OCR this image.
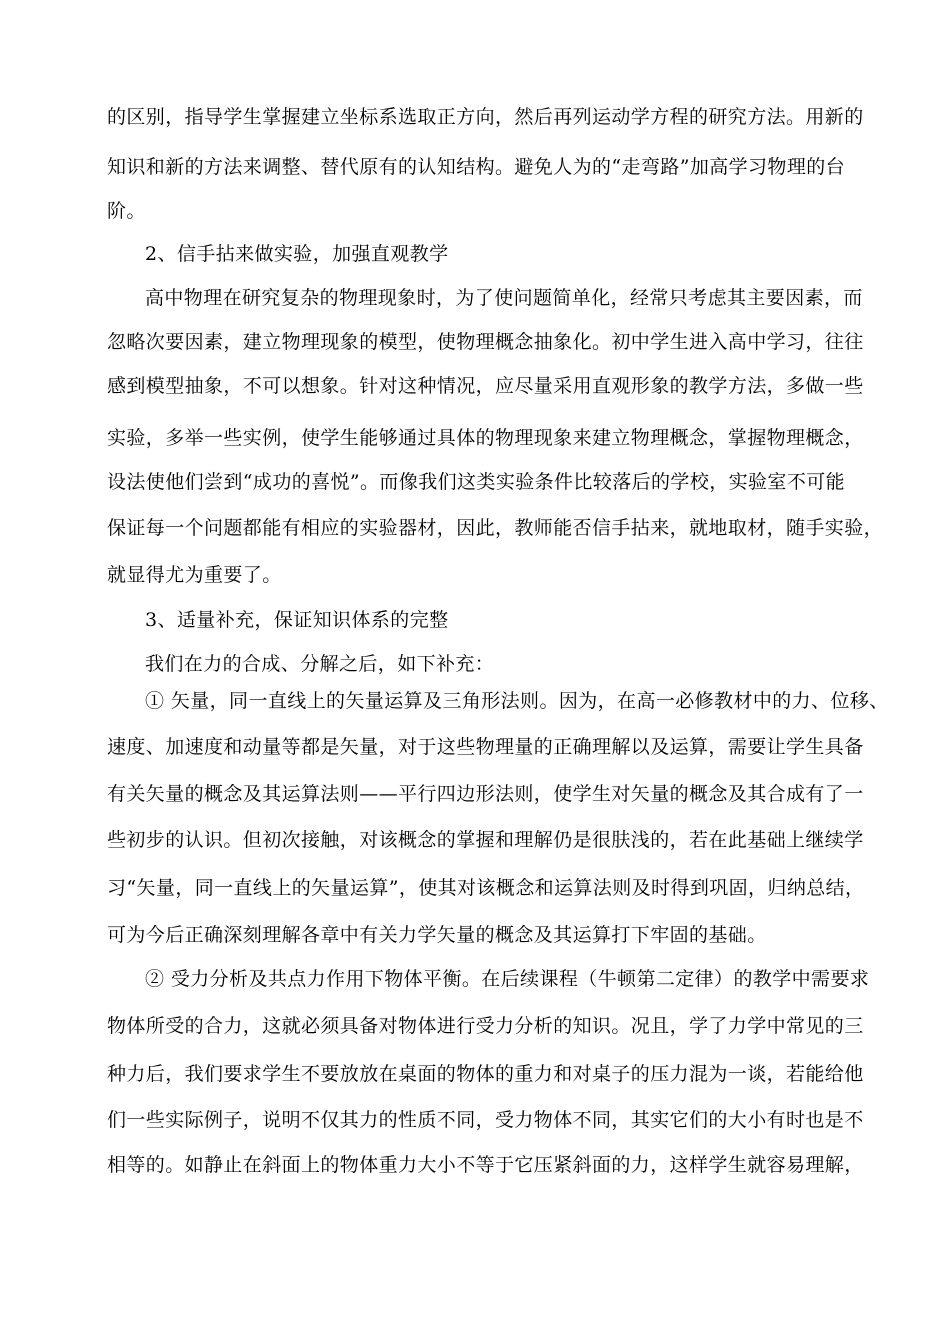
的区别，指导学生掌握建立坐标系选取正方向，然后再列运动学方程的研究方法。用新的
知识和新的方法来调整、替代原有的认知结构。避免人为的“走弯路”加高学习物理的台
阶。
2、信手拈来做实验，加强直观教学
高中物理在研究复杂的物理现象时，为了使问题简单化，经常只考虑其主要因素，而
忽略次要因素，建立物理现象的模型，使物理概念抽象化。初中学生进入高中学习，往往
感到模型抽象，不可以想象。针对这种情况，应尽量采用直观形象的教学方法，多做一些
实验，多举一些实例，使学生能够通过具体的物理现象来建立物理概念，掌握物理概念，
设法使他们尝到“成功的喜悦”。而像我们这类实验条件比较落后的学校，实验室不可能
保证每一个问题都能有相应的实验器材，因此，教师能否信手拈来，就地取材，随手实验，
就显得尤为重要了。
3、适量补充，保证知识体系的完整
我们在力的合成、分解之后，如下补充：
① 矢量，同一直线上的矢量运算及三角形法则。因为，在高一必修教材中的力、位移、
速度、加速度和动量等都是矢量，对于这些物理量的正确理解以及运算，需要让学生具备
有关矢量的概念及其运算法则——平行四边形法则，使学生对矢量的概念及其合成有了一
些初步的认识。但初次接触，对该概念的掌握和理解仍是很肤浅的，若在此基础上继续学
习“矢量，同一直线上的矢量运算”，使其对该概念和运算法则及时得到巩固，归纳总结，
可为今后正确深刻理解各章中有关力学矢量的概念及其运算打下牢固的基础。
② 受力分析及共点力作用下物体平衡。在后续课程（牛顿第二定律）的教学中需要求
物体所受的合力，这就必须具备对物体进行受力分析的知识。况且，学了力学中常见的三
种力后，我们要求学生不要放放在桌面的物体的重力和对桌子的压力混为一谈，若能给他
们一些实际例子，说明不仅其力的性质不同，受力物体不同，其实它们的大小有时也是不
相等的。如静止在斜面上的物体重力大小不等于它压紧斜面的力，这样学生就容易理解，
